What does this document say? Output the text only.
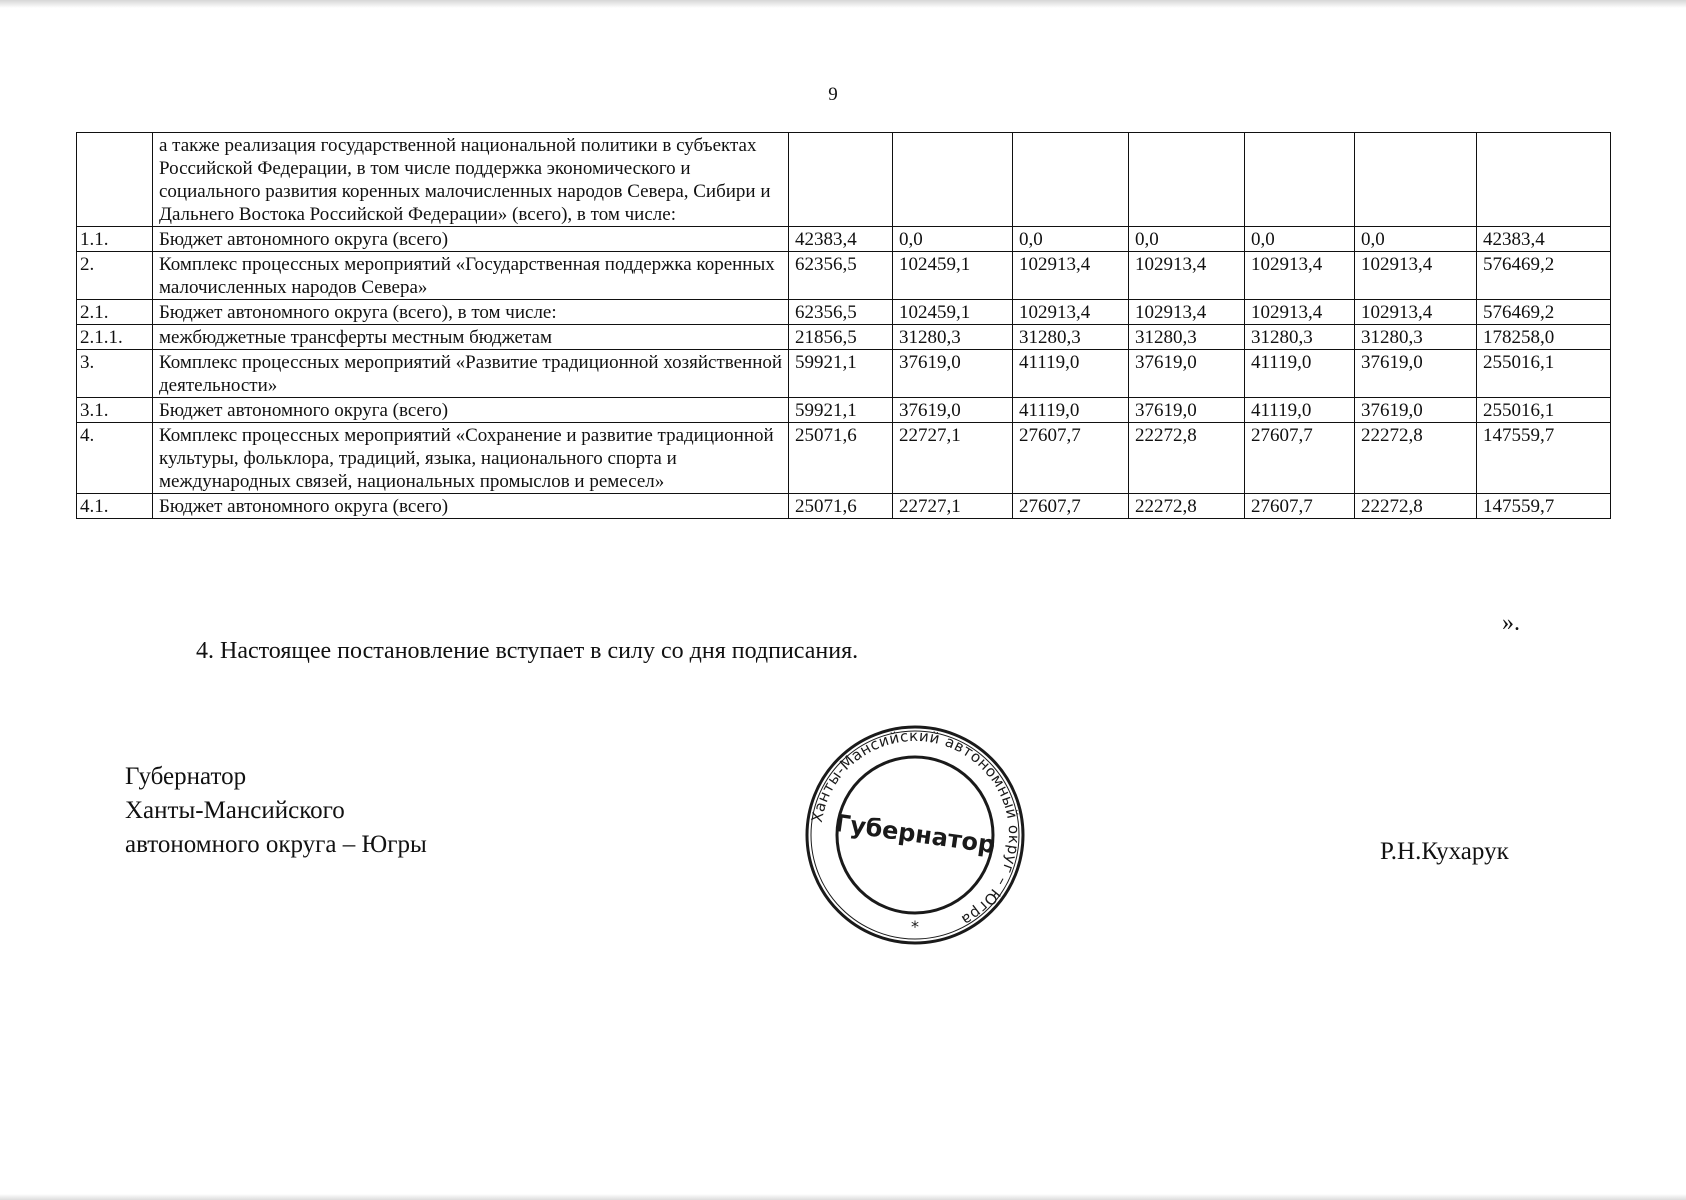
9
	а также реализация государственной национальной политики в субъектах Российской Федерации, в том числе поддержка экономического и социального развития коренных малочисленных народов Севера, Сибири и Дальнего Востока Российской Федерации» (всего), в том числе:							
1.1.	Бюджет автономного округа (всего)	42383,4	0,0	0,0	0,0	0,0	0,0	42383,4
2.	Комплекс процессных мероприятий «Государственная поддержка коренных малочисленных народов Севера»	62356,5	102459,1	102913,4	102913,4	102913,4	102913,4	576469,2
2.1.	Бюджет автономного округа (всего), в том числе:	62356,5	102459,1	102913,4	102913,4	102913,4	102913,4	576469,2
2.1.1.	межбюджетные трансферты местным бюджетам	21856,5	31280,3	31280,3	31280,3	31280,3	31280,3	178258,0
3.	Комплекс процессных мероприятий «Развитие традиционной хозяйственной деятельности»	59921,1	37619,0	41119,0	37619,0	41119,0	37619,0	255016,1
3.1.	Бюджет автономного округа (всего)	59921,1	37619,0	41119,0	37619,0	41119,0	37619,0	255016,1
4.	Комплекс процессных мероприятий «Сохранение и развитие традиционной культуры, фольклора, традиций, языка, национального спорта и международных связей, национальных промыслов и ремесел»	25071,6	22727,1	27607,7	22272,8	27607,7	22272,8	147559,7
4.1.	Бюджет автономного округа (всего)	25071,6	22727,1	27607,7	22272,8	27607,7	22272,8	147559,7
».
4. Настоящее постановление вступает в силу со дня подписания.
Губернатор
Ханты-Мансийского
автономного округа – Югры
Ханты-Мансийский автономный округ – Югра
Губернатор
*
Р.Н.Кухарук
